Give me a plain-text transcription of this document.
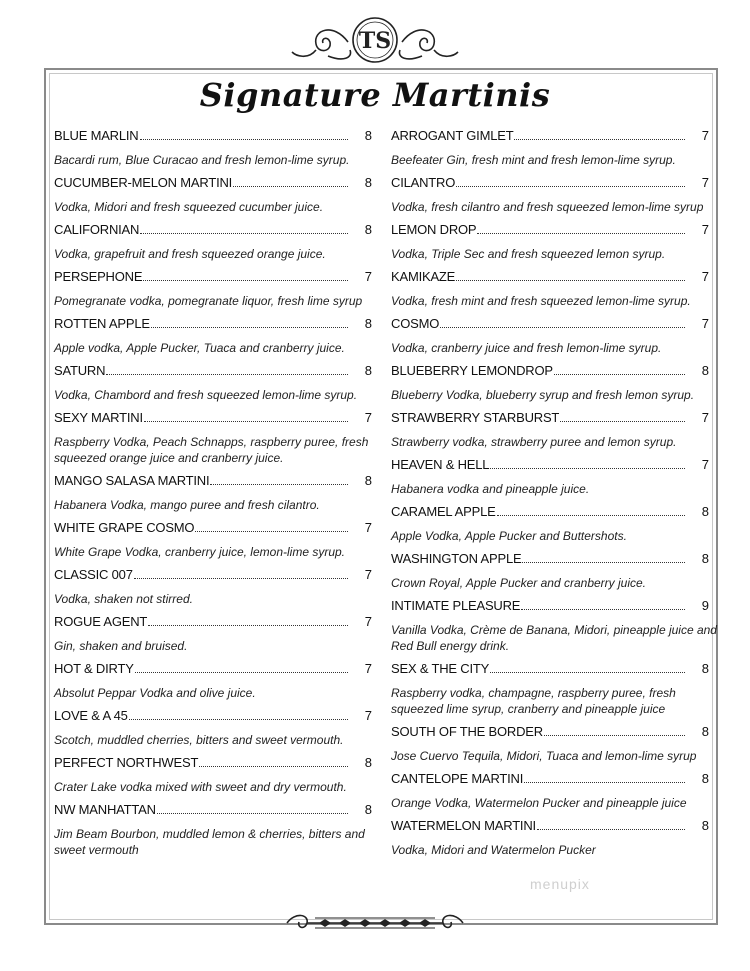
TS
Signature Martinis
BLUE MARLIN	8
Bacardi rum, Blue Curacao and fresh lemon-lime syrup.
CUCUMBER-MELON MARTINI	8
Vodka, Midori and fresh squeezed cucumber juice.
CALIFORNIAN	8
Vodka, grapefruit and fresh squeezed orange juice.
PERSEPHONE	7
Pomegranate vodka, pomegranate liquor, fresh lime syrup
ROTTEN APPLE	8
Apple vodka, Apple Pucker, Tuaca and cranberry juice.
SATURN	8
Vodka, Chambord and fresh squeezed lemon-lime syrup.
SEXY MARTINI	7
Raspberry Vodka, Peach Schnapps, raspberry puree, fresh squeezed orange juice and cranberry juice.
MANGO SALASA MARTINI	8
Habanera Vodka, mango puree and fresh cilantro.
WHITE GRAPE COSMO	7
White Grape Vodka, cranberry juice, lemon-lime syrup.
CLASSIC 007	7
Vodka, shaken not stirred.
ROGUE AGENT	7
Gin, shaken and bruised.
HOT & DIRTY	7
Absolut Peppar Vodka and olive juice.
LOVE & A 45	7
Scotch, muddled cherries, bitters and sweet vermouth.
PERFECT NORTHWEST	8
Crater Lake vodka mixed with sweet and dry vermouth.
NW MANHATTAN	8
Jim Beam Bourbon, muddled lemon & cherries, bitters and sweet vermouth
ARROGANT GIMLET	7
Beefeater Gin, fresh mint and fresh lemon-lime syrup.
CILANTRO	7
Vodka, fresh cilantro and fresh squeezed lemon-lime syrup
LEMON DROP	7
Vodka, Triple Sec and fresh squeezed lemon syrup.
KAMIKAZE	7
Vodka, fresh mint and fresh squeezed lemon-lime syrup.
COSMO	7
Vodka, cranberry juice and fresh lemon-lime syrup.
BLUEBERRY LEMONDROP	8
Blueberry Vodka, blueberry syrup and fresh lemon syrup.
STRAWBERRY STARBURST	7
Strawberry vodka, strawberry puree and lemon syrup.
HEAVEN & HELL	7
Habanera vodka and pineapple juice.
CARAMEL APPLE	8
Apple Vodka, Apple Pucker and Buttershots.
WASHINGTON APPLE	8
Crown Royal, Apple Pucker and cranberry juice.
INTIMATE PLEASURE	9
Vanilla Vodka, Crème de Banana, Midori, pineapple juice and Red Bull energy drink.
SEX & THE CITY	8
Raspberry vodka, champagne, raspberry puree, fresh squeezed lime syrup, cranberry and pineapple juice
SOUTH OF THE BORDER	8
Jose Cuervo Tequila, Midori, Tuaca and lemon-lime syrup
CANTELOPE MARTINI	8
Orange Vodka, Watermelon Pucker and pineapple juice
WATERMELON MARTINI	8
Vodka, Midori and Watermelon Pucker
menupix
